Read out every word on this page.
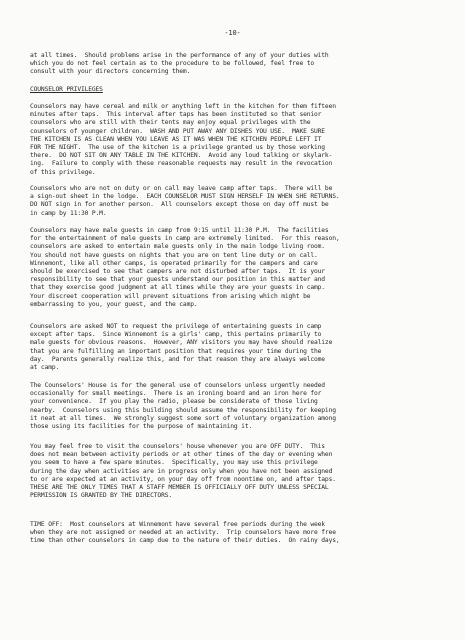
-10-
at all times.  Should problems arise in the performance of any of your duties with
which you do not feel certain as to the procedure to be followed, feel free to
consult with your directors concerning them.
COUNSELOR PRIVILEGES
Counselors may have cereal and milk or anything left in the kitchen for them fifteen
minutes after taps.  This interval after taps has been instituted so that senior
counselors who are still with their tents may enjoy equal privileges with the
counselors of younger children.  WASH AND PUT AWAY ANY DISHES YOU USE.  MAKE SURE
THE KITCHEN IS AS CLEAN WHEN YOU LEAVE AS IT WAS WHEN THE KITCHEN PEOPLE LEFT IT
FOR THE NIGHT.  The use of the kitchen is a privilege granted us by those working
there.  DO NOT SIT ON ANY TABLE IN THE KITCHEN.  Avoid any loud talking or skylark-
ing.  Failure to comply with these reasonable requests may result in the revocation
of this privilege.
Counselors who are not on duty or on call may leave camp after taps.  There will be
a sign-out sheet in the lodge.  EACH COUNSELOR MUST SIGN HERSELF IN WHEN SHE RETURNS.
DO NOT sign in for another person.  All counselors except those on day off must be
in camp by 11:30 P.M.
Counselors may have male guests in camp from 9:15 until 11:30 P.M.  The facilities
for the entertainment of male guests in camp are extremely limited.  For this reason,
counselors are asked to entertain male guests only in the main lodge living room.
You should not have guests on nights that you are on tent line duty or on call.
Winnemont, like all other camps, is operated primarily for the campers and care
should be exercised to see that campers are not disturbed after taps.  It is your
responsibility to see that your guests understand our position in this matter and
that they exercise good judgment at all times while they are your guests in camp.
Your discreet cooperation will prevent situations from arising which might be
embarrassing to you, your guest, and the camp.
Counselors are asked NOT to request the privilege of entertaining guests in camp
except after taps.  Since Winnemont is a girls' camp, this pertains primarily to
male guests for obvious reasons.  However, ANY visitors you may have should realize
that you are fulfilling an important position that requires your time during the
day.  Parents generally realize this, and for that reason they are always welcome
at camp.
The Counselors' House is for the general use of counselors unless urgently needed
occasionally for small meetings.  There is an ironing board and an iron here for
your convenience.  If you play the radio, please be considerate of those living
nearby.  Counselors using this building should assume the responsibility for keeping
it neat at all times.  We strongly suggest some sort of voluntary organization among
those using its facilities for the purpose of maintaining it.
You may feel free to visit the counselors' house whenever you are OFF DUTY.  This
does not mean between activity periods or at other times of the day or evening when
you seem to have a few spare minutes.  Specifically, you may use this privilege
during the day when activities are in progress only when you have not been assigned
to or are expected at an activity, on your day off from noontime on, and after taps.
THESE ARE THE ONLY TIMES THAT A STAFF MEMBER IS OFFICIALLY OFF DUTY UNLESS SPECIAL
PERMISSION IS GRANTED BY THE DIRECTORS.
TIME OFF:  Most counselors at Winnemont have several free periods during the week
when they are not assigned or needed at an activity.  Trip counselors have more free
time than other counselors in camp due to the nature of their duties.  On rainy days,
